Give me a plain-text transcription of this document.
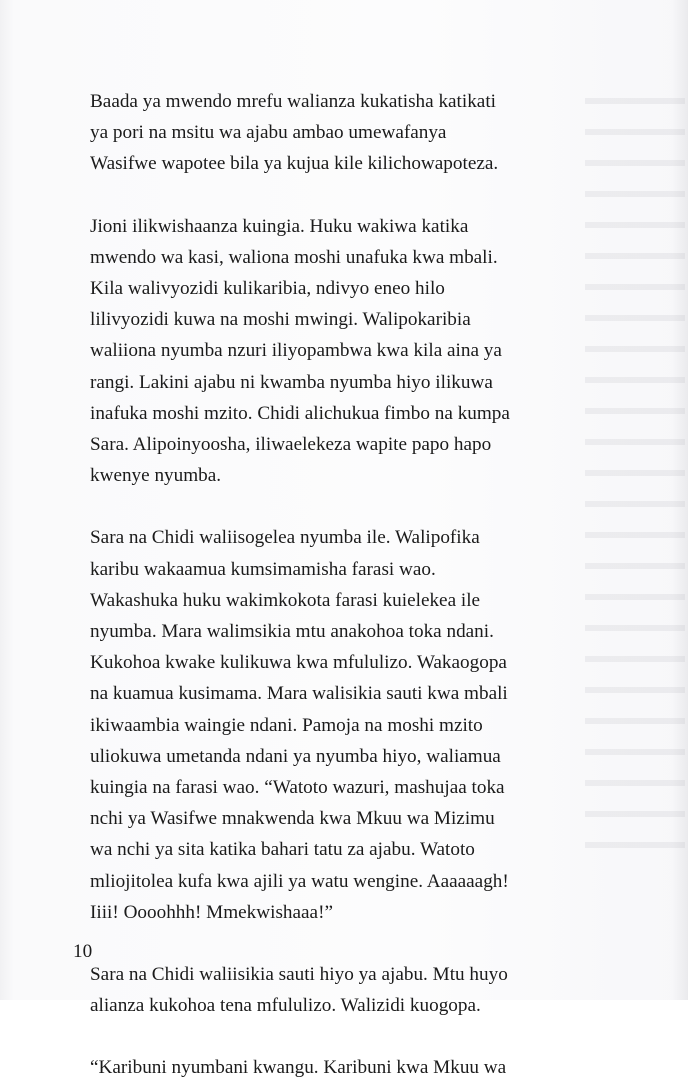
Baada ya mwendo mrefu walianza kukatisha katikati
ya pori na msitu wa ajabu ambao umewafanya
Wasifwe wapotee bila ya kujua kile kilichowapoteza.

Jioni ilikwishaanza kuingia. Huku wakiwa katika
mwendo wa kasi, waliona moshi unafuka kwa mbali.
Kila walivyozidi kulikaribia, ndivyo eneo hilo
lilivyozidi kuwa na moshi mwingi. Walipokaribia
waliiona nyumba nzuri iliyopambwa kwa kila aina ya
rangi. Lakini ajabu ni kwamba nyumba hiyo ilikuwa
inafuka moshi mzito. Chidi alichukua fimbo na kumpa
Sara. Alipoinyoosha, iliwaelekeza wapite papo hapo
kwenye nyumba.

Sara na Chidi waliisogelea nyumba ile. Walipofika
karibu wakaamua kumsimamisha farasi wao.
Wakashuka huku wakimkokota farasi kuielekea ile
nyumba. Mara walimsikia mtu anakohoa toka ndani.
Kukohoa kwake kulikuwa kwa mfululizo. Wakaogopa
na kuamua kusimama. Mara walisikia sauti kwa mbali
ikiwaambia waingie ndani. Pamoja na moshi mzito
uliokuwa umetanda ndani ya nyumba hiyo, waliamua
kuingia na farasi wao. “Watoto wazuri, mashujaa toka
nchi ya Wasifwe mnakwenda kwa Mkuu wa Mizimu
wa nchi ya sita katika bahari tatu za ajabu. Watoto
mliojitolea kufa kwa ajili ya watu wengine. Aaaaaagh!
Iiii! Oooohhh! Mmekwishaaa!”

Sara na Chidi waliisikia sauti hiyo ya ajabu. Mtu huyo
alianza kukohoa tena mfululizo. Walizidi kuogopa.

“Karibuni nyumbani kwangu. Karibuni kwa Mkuu wa

10
